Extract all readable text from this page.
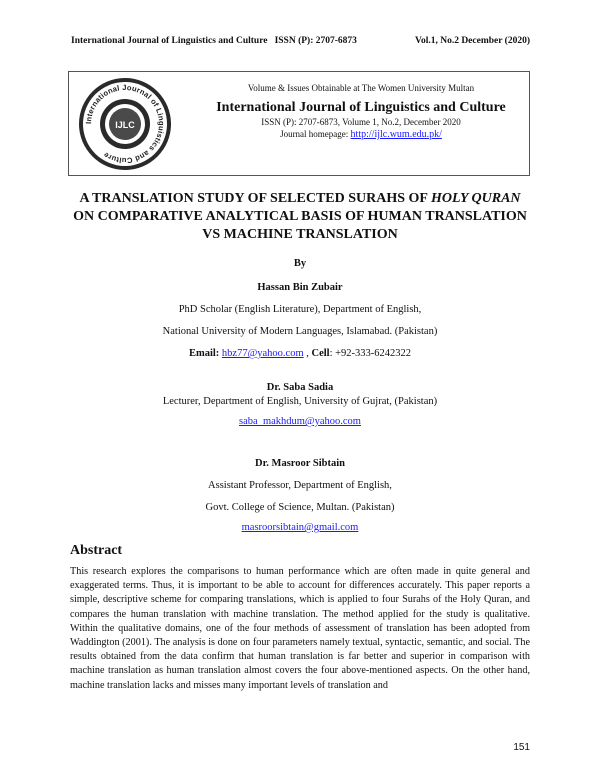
International Journal of Linguistics and Culture   ISSN (P): 2707-6873	Vol.1, No.2 December (2020)
International Journal of Linguistics and Culture
IJLC
Volume & Issues Obtainable at The Women University Multan
International Journal of Linguistics and Culture
ISSN (P): 2707-6873, Volume 1, No.2, December 2020
Journal homepage: http://ijlc.wum.edu.pk/
A TRANSLATION STUDY OF SELECTED SURAHS OF HOLY QURAN ON COMPARATIVE ANALYTICAL BASIS OF HUMAN TRANSLATION VS MACHINE TRANSLATION
By
Hassan Bin Zubair
PhD Scholar (English Literature), Department of English,
National University of Modern Languages, Islamabad. (Pakistan)
Email: hbz77@yahoo.com , Cell: +92-333-6242322
Dr. Saba Sadia
Lecturer, Department of English, University of Gujrat, (Pakistan)
saba_makhdum@yahoo.com
Dr. Masroor Sibtain
Assistant Professor, Department of English,
Govt. College of Science, Multan. (Pakistan)
masroorsibtain@gmail.com
Abstract
This research explores the comparisons to human performance which are often made in quite general and exaggerated terms. Thus, it is important to be able to account for differences accurately. This paper reports a simple, descriptive scheme for comparing translations, which is applied to four Surahs of the Holy Quran, and compares the human translation with machine translation. The method applied for the study is qualitative. Within the qualitative domains, one of the four methods of assessment of translation has been adopted from Waddington (2001). The analysis is done on four parameters namely textual, syntactic, semantic, and social. The results obtained from the data confirm that human translation is far better and superior in comparison with machine translation as human translation almost covers the four above-mentioned aspects. On the other hand, machine translation lacks and misses many important levels of translation and
151
